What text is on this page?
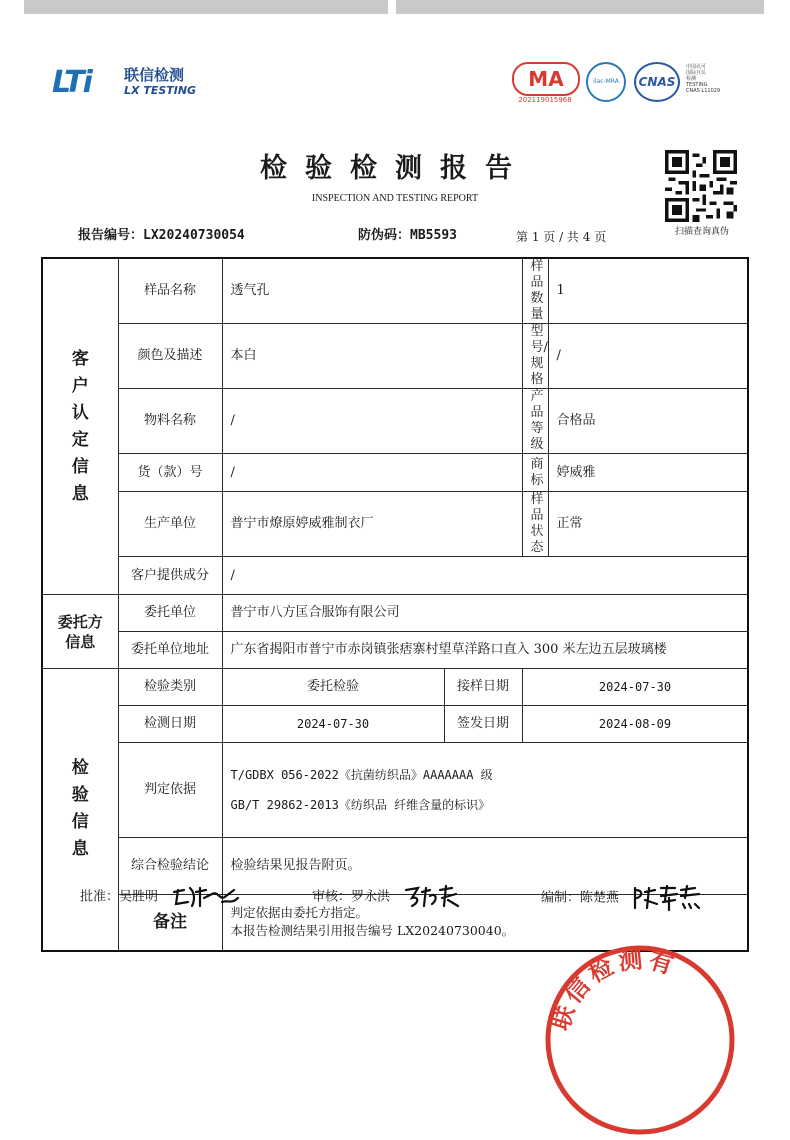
LTi 联信检测
LX TESTING	MA
202119015968
ilac-MRA	CNAS
中国认可
国际互认
检测
TESTING
CNAS L11029
检验检测报告
INSPECTION AND TESTING REPORT
扫描查询真伪
报告编号：LX20240730054	防伪码：MB5593	第 1 页 / 共 4 页
客户认定信息	样品名称	透气孔		样品数量	1
	颜色及描述	本白		型号/规格	/
	物料名称	/		产品等级	合格品
	货（款）号	/		商标	婷威雅
	生产单位	普宁市燎原婷威雅制衣厂		样品状态	正常
	客户提供成分	/			

委托方信息	委托单位	普宁市八方匡合服饰有限公司			
	委托单位地址	广东省揭阳市普宁市赤岗镇张痞寨村望草洋路口直入 300 米左边五层玻璃楼			

检验信息	检验类别	委托检验	接样日期	2024-07-30	
	检测日期	2024-07-30	签发日期	2024-08-09	
	判定依据	T/GDBX 056-2022《抗菌纺织品》AAAAAAA 级
GB/T 29862-2013《纺织品 纤维含量的标识》			

	综合检验结论	检验结果见报告附页。			
	备注	判定依据由委托方指定。
本报告检测结果引用报告编号 LX20240730040。			
批准：吴胜明	审核：罗永洪	编制：陈楚燕
联信检测有
